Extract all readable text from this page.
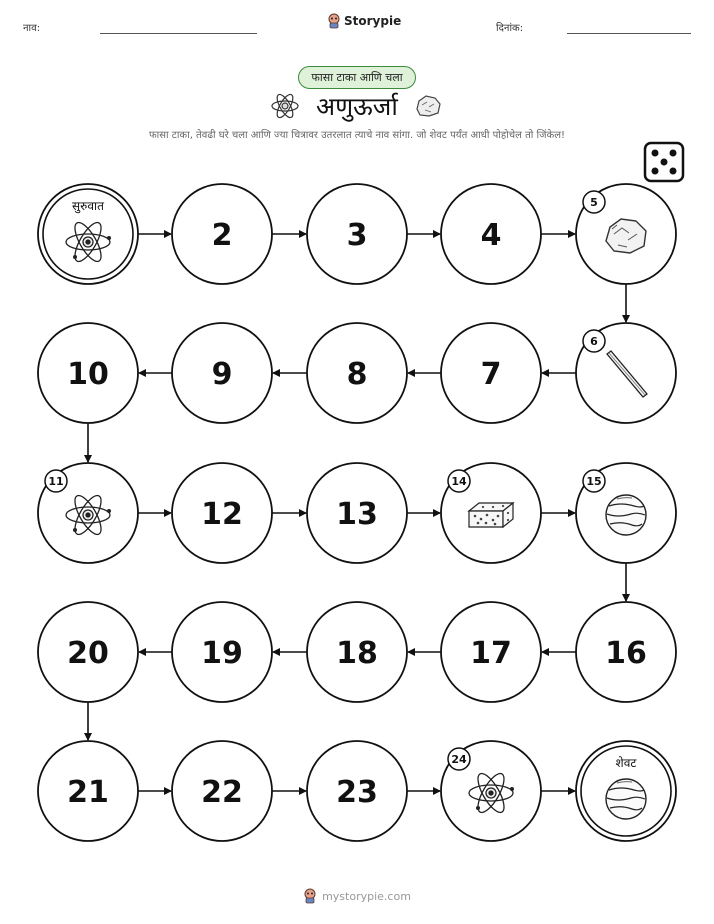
नाव:
Storypie
दिनांक:
फासा टाका आणि चला
अणुऊर्जा
फासा टाका, तेवढी घरे चला आणि ज्या चित्रावर उतरलात त्याचे नाव सांगा. जो शेवट पर्यंत आधी पोहोचेल तो जिंकेल!
सुरुवात
2	3	4
5
6
7
8
9
10
11
12	13
14	15
16
17
18
19
20
21	22	23
24	शेवट
mystorypie.com
